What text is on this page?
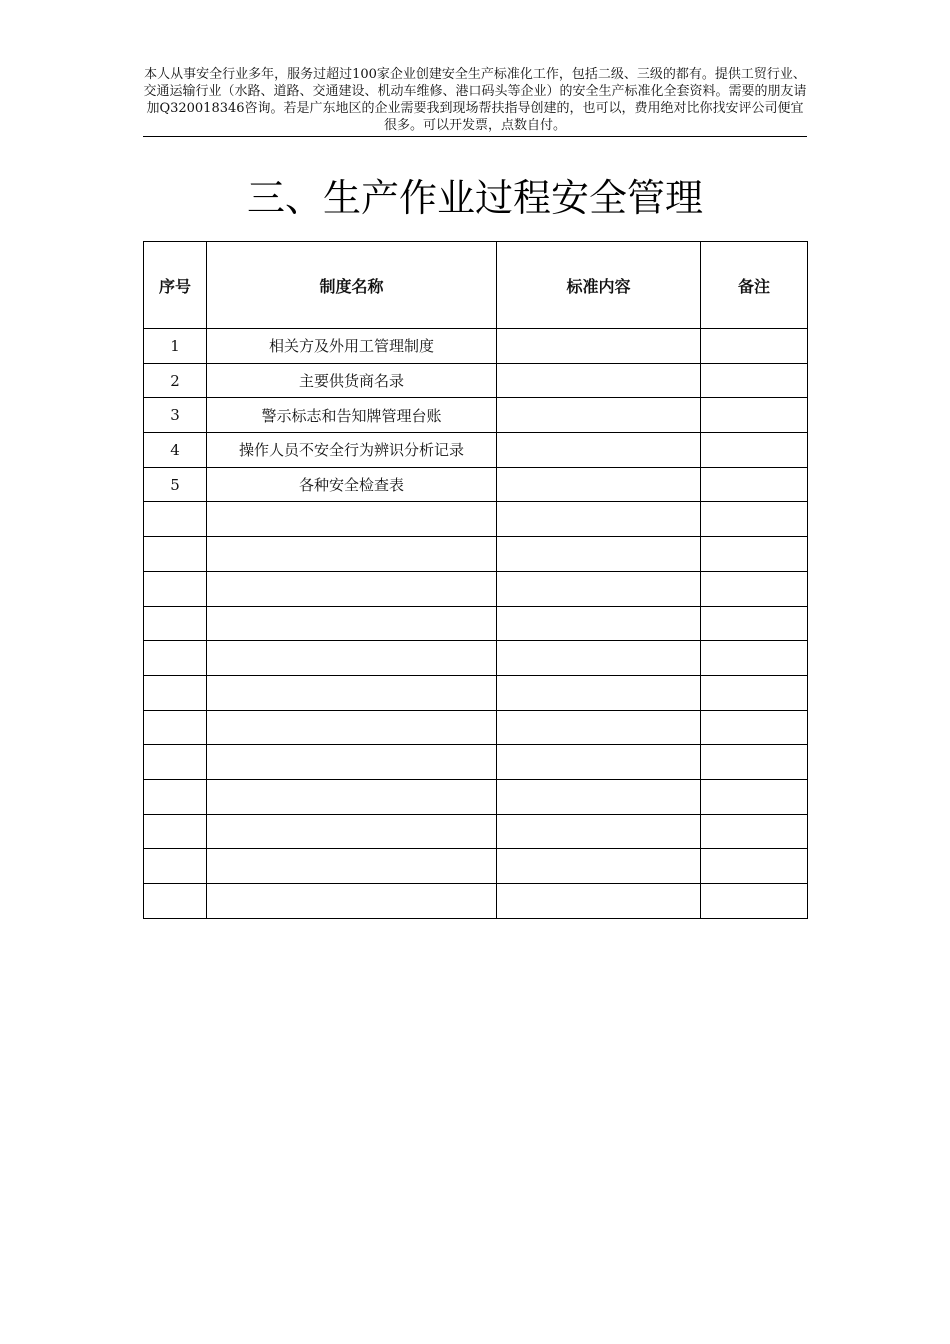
本人从事安全行业多年，服务过超过100家企业创建安全生产标准化工作，包括二级、三级的都有。提供工贸行业、交通运输行业（水路、道路、交通建设、机动车维修、港口码头等企业）的安全生产标准化全套资料。需要的朋友请加Q320018346咨询。若是广东地区的企业需要我到现场帮扶指导创建的，也可以，费用绝对比你找安评公司便宜很多。可以开发票，点数自付。
三、生产作业过程安全管理
序号	制度名称	标准内容	备注
1	相关方及外用工管理制度		
2	主要供货商名录		
3	警示标志和告知牌管理台账		
4	操作人员不安全行为辨识分析记录		
5	各种安全检查表		
